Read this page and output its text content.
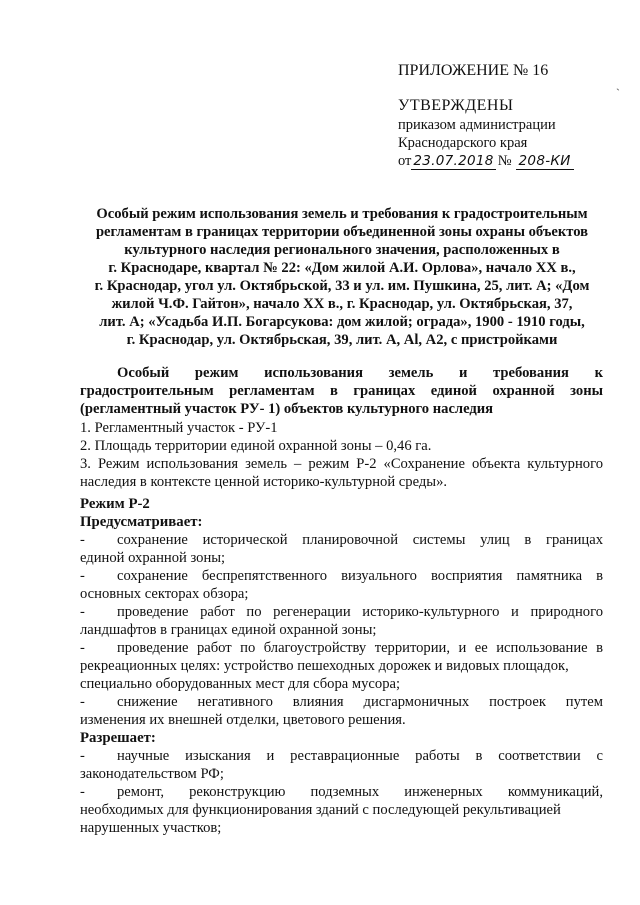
ПРИЛОЖЕНИЕ № 16
ˋ
УТВЕРЖДЕНЫ
приказом администрации
Краснодарского края
от 23.07.2018 № 208-КИ
Особый режим использования земель и требования к градостроительным
регламентам в границах территории объединенной зоны охраны объектов
культурного наследия регионального значения, расположенных в
г. Краснодаре, квартал № 22: «Дом жилой А.И. Орлова», начало XX в.,
г. Краснодар, угол ул. Октябрьской, 33 и ул. им. Пушкина, 25, лит. А; «Дом
жилой Ч.Ф. Гайтон», начало XX в., г. Краснодар, ул. Октябрьская, 37,
лит. А; «Усадьба И.П. Богарсукова: дом жилой; ограда», 1900 - 1910 годы,
г. Краснодар, ул. Октябрьская, 39, лит. А, Al, А2, с пристройками
Особый режим использования земель и требования к
градостроительным регламентам в границах единой охранной зоны
(регламентный участок РУ- 1) объектов культурного наследия
1. Регламентный участок - РУ-1
2. Площадь территории единой охранной зоны – 0,46 га.
3. Режим использования земель – режим Р-2 «Сохранение объекта культурного
наследия в контексте ценной историко-культурной среды».
Режим Р-2
Предусматривает:
-	сохранение исторической планировочной системы улиц в границах
единой охранной зоны;
-	сохранение беспрепятственного визуального восприятия памятника в
основных секторах обзора;
-	проведение работ по регенерации историко-культурного и природного
ландшафтов в границах единой охранной зоны;
-	проведение работ по благоустройству территории, и ее использование в
рекреационных целях: устройство пешеходных дорожек и видовых площадок,
специально оборудованных мест для сбора мусора;
-	снижение негативного влияния дисгармоничных построек путем
изменения их внешней отделки, цветового решения.
Разрешает:
-	научные изыскания и реставрационные работы в соответствии с
законодательством РФ;
-	ремонт, реконструкцию подземных инженерных коммуникаций,
необходимых для функционирования зданий с последующей рекультивацией
нарушенных участков;
